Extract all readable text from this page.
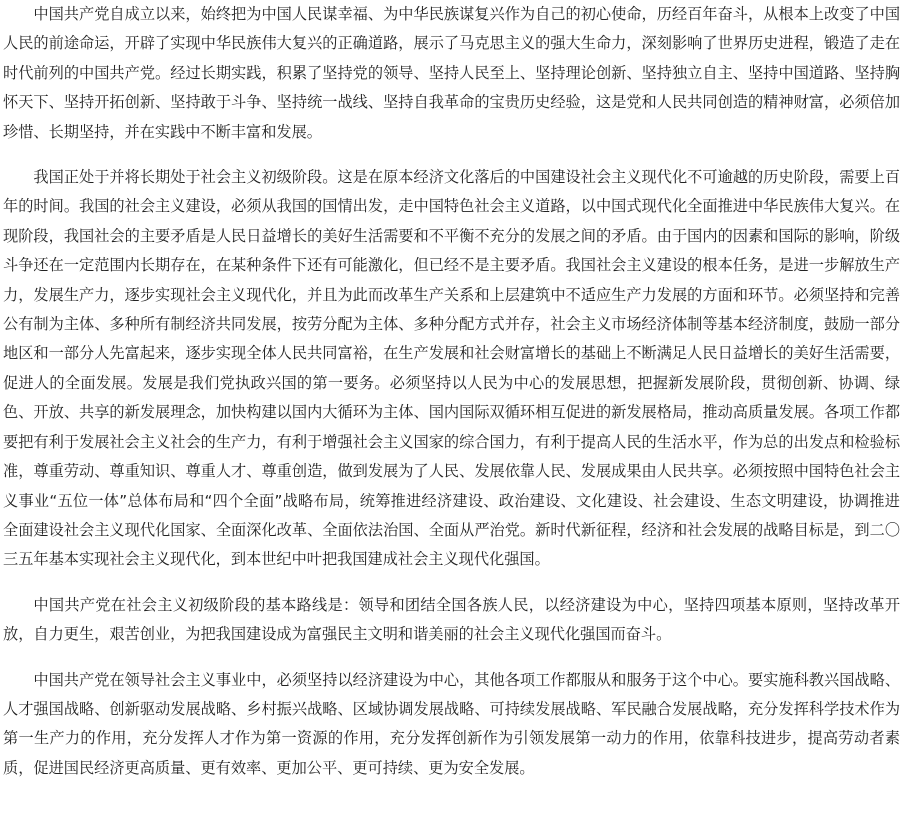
中国共产党自成立以来，始终把为中国人民谋幸福、为中华民族谋复兴作为自己的初心使命，历经百年奋斗，从根本上改变了中国人民的前途命运，开辟了实现中华民族伟大复兴的正确道路，展示了马克思主义的强大生命力，深刻影响了世界历史进程，锻造了走在时代前列的中国共产党。经过长期实践，积累了坚持党的领导、坚持人民至上、坚持理论创新、坚持独立自主、坚持中国道路、坚持胸怀天下、坚持开拓创新、坚持敢于斗争、坚持统一战线、坚持自我革命的宝贵历史经验，这是党和人民共同创造的精神财富，必须倍加珍惜、长期坚持，并在实践中不断丰富和发展。

我国正处于并将长期处于社会主义初级阶段。这是在原本经济文化落后的中国建设社会主义现代化不可逾越的历史阶段，需要上百年的时间。我国的社会主义建设，必须从我国的国情出发，走中国特色社会主义道路，以中国式现代化全面推进中华民族伟大复兴。在现阶段，我国社会的主要矛盾是人民日益增长的美好生活需要和不平衡不充分的发展之间的矛盾。由于国内的因素和国际的影响，阶级斗争还在一定范围内长期存在，在某种条件下还有可能激化，但已经不是主要矛盾。我国社会主义建设的根本任务，是进一步解放生产力，发展生产力，逐步实现社会主义现代化，并且为此而改革生产关系和上层建筑中不适应生产力发展的方面和环节。必须坚持和完善公有制为主体、多种所有制经济共同发展，按劳分配为主体、多种分配方式并存，社会主义市场经济体制等基本经济制度，鼓励一部分地区和一部分人先富起来，逐步实现全体人民共同富裕，在生产发展和社会财富增长的基础上不断满足人民日益增长的美好生活需要，促进人的全面发展。发展是我们党执政兴国的第一要务。必须坚持以人民为中心的发展思想，把握新发展阶段，贯彻创新、协调、绿色、开放、共享的新发展理念，加快构建以国内大循环为主体、国内国际双循环相互促进的新发展格局，推动高质量发展。各项工作都要把有利于发展社会主义社会的生产力，有利于增强社会主义国家的综合国力，有利于提高人民的生活水平，作为总的出发点和检验标准，尊重劳动、尊重知识、尊重人才、尊重创造，做到发展为了人民、发展依靠人民、发展成果由人民共享。必须按照中国特色社会主义事业“五位一体”总体布局和“四个全面”战略布局，统筹推进经济建设、政治建设、文化建设、社会建设、生态文明建设，协调推进全面建设社会主义现代化国家、全面深化改革、全面依法治国、全面从严治党。新时代新征程，经济和社会发展的战略目标是，到二〇三五年基本实现社会主义现代化，到本世纪中叶把我国建成社会主义现代化强国。

中国共产党在社会主义初级阶段的基本路线是：领导和团结全国各族人民，以经济建设为中心，坚持四项基本原则，坚持改革开放，自力更生，艰苦创业，为把我国建设成为富强民主文明和谐美丽的社会主义现代化强国而奋斗。

中国共产党在领导社会主义事业中，必须坚持以经济建设为中心，其他各项工作都服从和服务于这个中心。要实施科教兴国战略、人才强国战略、创新驱动发展战略、乡村振兴战略、区域协调发展战略、可持续发展战略、军民融合发展战略，充分发挥科学技术作为第一生产力的作用，充分发挥人才作为第一资源的作用，充分发挥创新作为引领发展第一动力的作用，依靠科技进步，提高劳动者素质，促进国民经济更高质量、更有效率、更加公平、更可持续、更为安全发展。
